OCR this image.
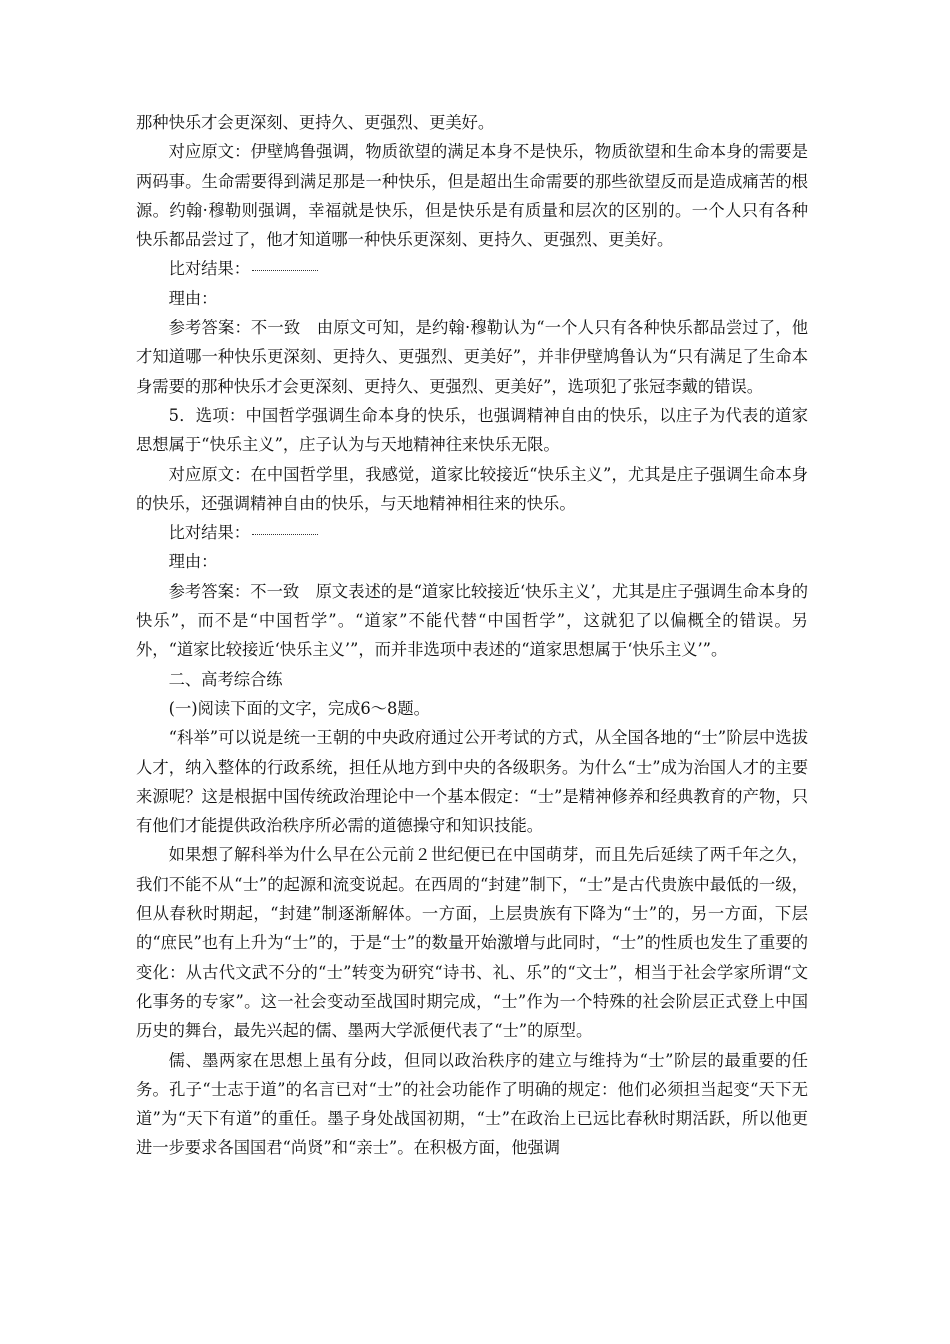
那种快乐才会更深刻、更持久、更强烈、更美好。

对应原文：伊壁鸠鲁强调，物质欲望的满足本身不是快乐，物质欲望和生命本身的需要是两码事。生命需要得到满足那是一种快乐，但是超出生命需要的那些欲望反而是造成痛苦的根源。约翰·穆勒则强调，幸福就是快乐，但是快乐是有质量和层次的区别的。一个人只有各种快乐都品尝过了，他才知道哪一种快乐更深刻、更持久、更强烈、更美好。

比对结果：

理由：

参考答案：不一致　由原文可知，是约翰·穆勒认为“一个人只有各种快乐都品尝过了，他才知道哪一种快乐更深刻、更持久、更强烈、更美好”，并非伊壁鸠鲁认为“只有满足了生命本身需要的那种快乐才会更深刻、更持久、更强烈、更美好”，选项犯了张冠李戴的错误。

5．选项：中国哲学强调生命本身的快乐，也强调精神自由的快乐，以庄子为代表的道家思想属于“快乐主义”，庄子认为与天地精神往来快乐无限。

对应原文：在中国哲学里，我感觉，道家比较接近“快乐主义”，尤其是庄子强调生命本身的快乐，还强调精神自由的快乐，与天地精神相往来的快乐。

比对结果：

理由：

参考答案：不一致　原文表述的是“道家比较接近‘快乐主义’，尤其是庄子强调生命本身的快乐”，而不是“中国哲学”。“道家”不能代替“中国哲学”，这就犯了以偏概全的错误。另外，“道家比较接近‘快乐主义’”，而并非选项中表述的“道家思想属于‘快乐主义’”。

二、高考综合练

(一)阅读下面的文字，完成6～8题。

“科举”可以说是统一王朝的中央政府通过公开考试的方式，从全国各地的“士”阶层中选拔人才，纳入整体的行政系统，担任从地方到中央的各级职务。为什么“士”成为治国人才的主要来源呢？这是根据中国传统政治理论中一个基本假定：“士”是精神修养和经典教育的产物，只有他们才能提供政治秩序所必需的道德操守和知识技能。

如果想了解科举为什么早在公元前２世纪便已在中国萌芽，而且先后延续了两千年之久，我们不能不从“士”的起源和流变说起。在西周的“封建”制下，“士”是古代贵族中最低的一级，但从春秋时期起，“封建”制逐渐解体。一方面，上层贵族有下降为“士”的，另一方面，下层的“庶民”也有上升为“士”的，于是“士”的数量开始激增与此同时，“士”的性质也发生了重要的变化：从古代文武不分的“士”转变为研究“诗书、礼、乐”的“文士”，相当于社会学家所谓“文化事务的专家”。这一社会变动至战国时期完成，“士”作为一个特殊的社会阶层正式登上中国历史的舞台，最先兴起的儒、墨两大学派便代表了“士”的原型。

儒、墨两家在思想上虽有分歧，但同以政治秩序的建立与维持为“士”阶层的最重要的任务。孔子“士志于道”的名言已对“士”的社会功能作了明确的规定：他们必须担当起变“天下无道”为“天下有道”的重任。墨子身处战国初期，“士”在政治上已远比春秋时期活跃，所以他更进一步要求各国国君“尚贤”和“亲士”。在积极方面，他强调
